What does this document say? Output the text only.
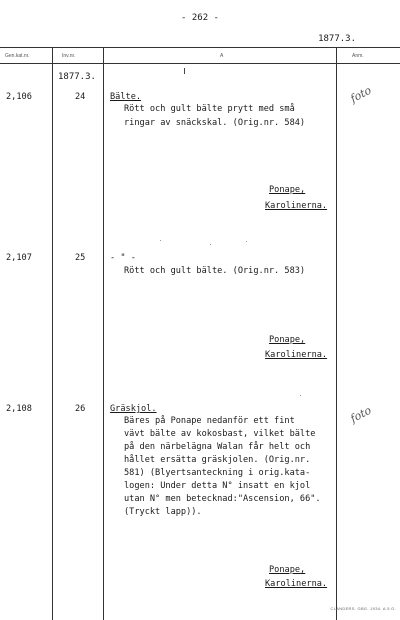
- 262 -
1877.3.
Gen.kat.nr.	Inv.nr.	A	Anm.
1877.3.
2,106	24	Bälte.
Rött och gult bälte prytt med små
ringar av snäckskal. (Orig.nr. 584)
Ponape,
Karolinerna.
foto
2,107	25	- " -
Rött och gult bälte. (Orig.nr. 583)
Ponape,
Karolinerna.
2,108	26	Gräskjol.
Bäres på Ponape nedanför ett fint
vävt bälte av kokosbast, vilket bälte
på den närbelägna Walan får helt och
hållet ersätta gräskjolen. (Orig.nr.
581) (Blyertsanteckning i orig.kata-
logen: Under detta N° insatt en kjol
utan N° men betecknad:"Ascension, 66".
(Tryckt lapp)).
Ponape,
Karolinerna.
foto
CLANDERS. GBG. 1934. A.5 G.
